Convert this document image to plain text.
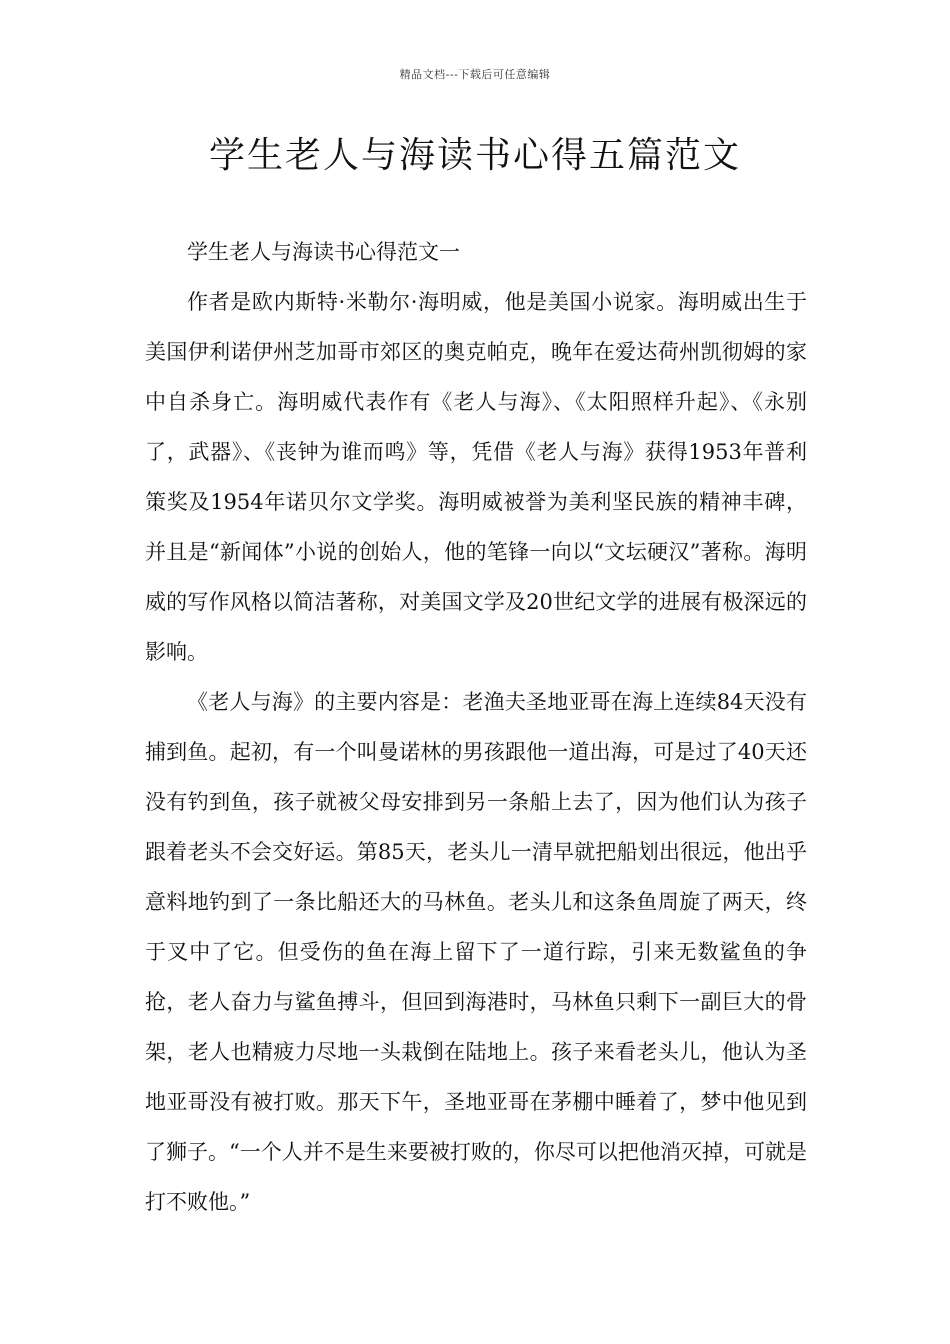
精品文档---下载后可任意编辑
学生老人与海读书心得五篇范文

学生老人与海读书心得范文一

作者是欧内斯特·米勒尔·海明威，他是美国小说家。海明威出生于美国伊利诺伊州芝加哥市郊区的奥克帕克，晚年在爱达荷州凯彻姆的家中自杀身亡。海明威代表作有《老人与海》、《太阳照样升起》、《永别了，武器》、《丧钟为谁而鸣》等，凭借《老人与海》获得1953年普利策奖及1954年诺贝尔文学奖。海明威被誉为美利坚民族的精神丰碑，并且是“新闻体”小说的创始人，他的笔锋一向以“文坛硬汉”著称。海明威的写作风格以简洁著称，对美国文学及20世纪文学的进展有极深远的影响。

《老人与海》的主要内容是：老渔夫圣地亚哥在海上连续84天没有捕到鱼。起初，有一个叫曼诺林的男孩跟他一道出海，可是过了40天还没有钓到鱼，孩子就被父母安排到另一条船上去了，因为他们认为孩子跟着老头不会交好运。第85天，老头儿一清早就把船划出很远，他出乎意料地钓到了一条比船还大的马林鱼。老头儿和这条鱼周旋了两天，终于叉中了它。但受伤的鱼在海上留下了一道行踪，引来无数鲨鱼的争抢，老人奋力与鲨鱼搏斗，但回到海港时，马林鱼只剩下一副巨大的骨架，老人也精疲力尽地一头栽倒在陆地上。孩子来看老头儿，他认为圣地亚哥没有被打败。那天下午，圣地亚哥在茅棚中睡着了，梦中他见到了狮子。“一个人并不是生来要被打败的，你尽可以把他消灭掉，可就是打不败他。”
